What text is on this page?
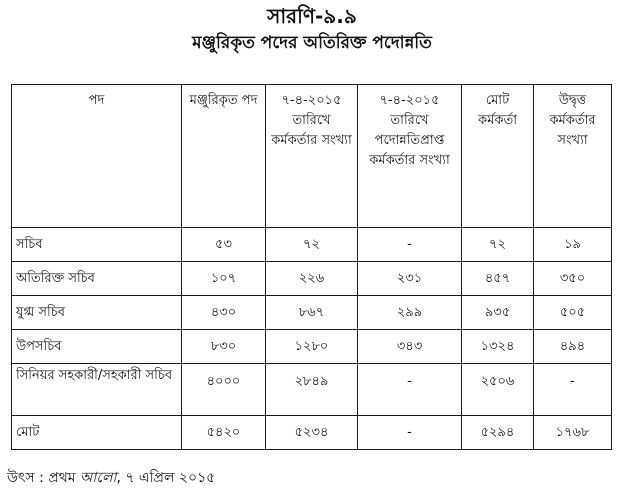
সারণি-৯.৯
মঞ্জুরিকৃত পদের অতিরিক্ত পদোন্নতি
পদ	মঞ্জুরিকৃত পদ	৭-৪-২০১৫ তারিখে কর্মকর্তার সংখ্যা	৭-৪-২০১৫ তারিখে পদোন্নতিপ্রাপ্ত কর্মকর্তার সংখ্যা	মোট কর্মকর্তা	উদ্বৃত্ত কর্মকর্তার সংখ্যা
সচিব	৫৩	৭২	-	৭২	১৯
অতিরিক্ত সচিব	১০৭	২২৬	২৩১	৪৫৭	৩৫০
যুগ্ম সচিব	৪৩০	৮৬৭	২৯৯	৯৩৫	৫০৫
উপসচিব	৮৩০	১২৮০	৩৪৩	১৩২৪	৪৯৪
সিনিয়র সহকারী/সহকারী সচিব	৪০০০	২৮৪৯	-	২৫০৬	-
মোট	৫৪২০	৫২৩৪	-	৫২৯৪	১৭৬৮
উৎস : প্রথম আলো, ৭ এপ্রিল ২০১৫
